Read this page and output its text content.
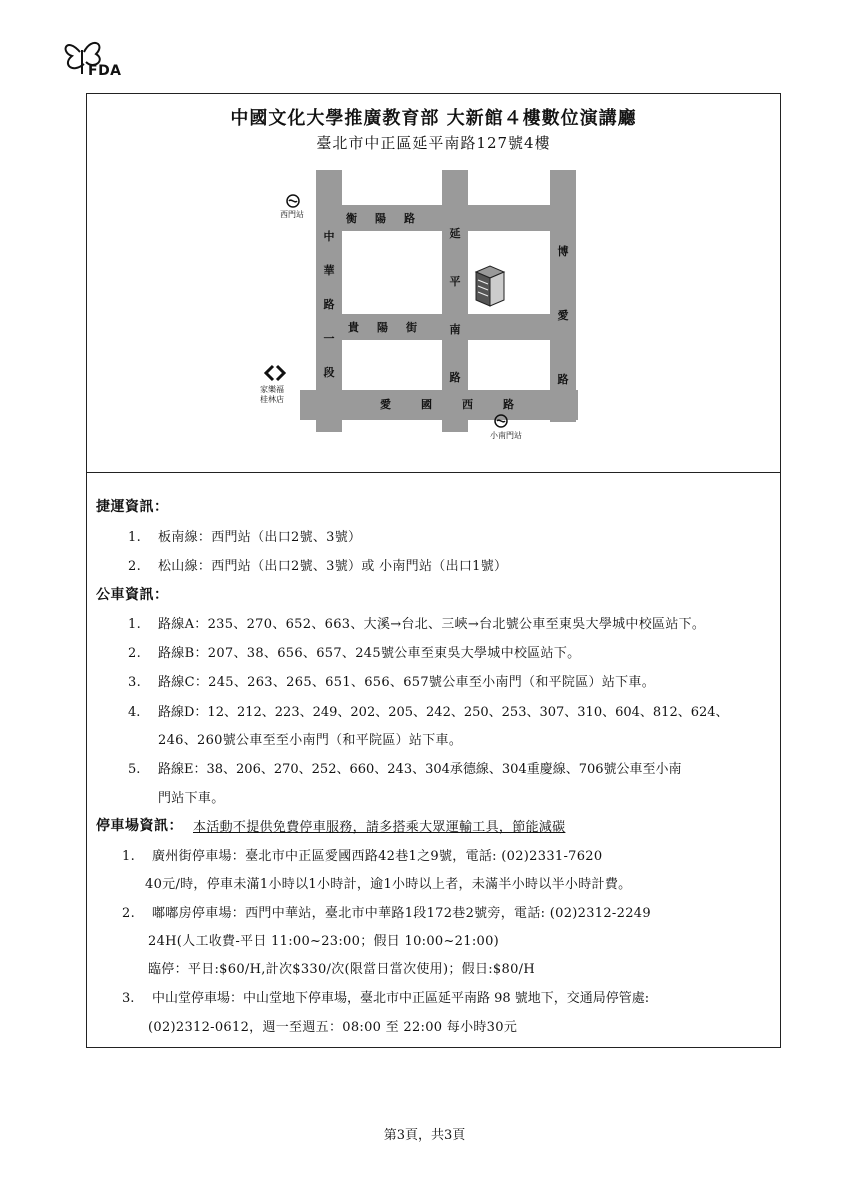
FDA
中國文化大學推廣教育部 大新館４樓數位演講廳
臺北市中正區延平南路127號4樓
衡陽路
貴陽街
愛國西路
中華路一段
延平南路
博愛路
西門站
小南門站
家樂福
桂林店
捷運資訊：
1. 板南線：西門站（出口2號、3號）
2. 松山線：西門站（出口2號、3號）或 小南門站（出口1號）
公車資訊：
1. 路線A：235、270、652、663、大溪→台北、三峽→台北號公車至東吳大學城中校區站下。
2. 路線B：207、38、656、657、245號公車至東吳大學城中校區站下。
3. 路線C：245、263、265、651、656、657號公車至小南門（和平院區）站下車。
4. 路線D：12、212、223、249、202、205、242、250、253、307、310、604、812、624、
246、260號公車至至小南門（和平院區）站下車。
5. 路線E：38、206、270、252、660、243、304承德線、304重慶線、706號公車至小南
門站下車。
停車場資訊： 本活動不提供免費停車服務，請多搭乘大眾運輸工具，節能減碳
1. 廣州街停車場：臺北市中正區愛國西路42巷1之9號，電話: (02)2331-7620
40元/時，停車未滿1小時以1小時計，逾1小時以上者，未滿半小時以半小時計費。
2. 嘟嘟房停車場：西門中華站，臺北市中華路1段172巷2號旁，電話: (02)2312-2249
24H(人工收費-平日 11:00~23:00；假日 10:00~21:00)
臨停：平日:$60/H,計次$330/次(限當日當次使用)；假日:$80/H
3. 中山堂停車場：中山堂地下停車場，臺北市中正區延平南路 98 號地下，交通局停管處:
(02)2312-0612，週一至週五：08:00 至 22:00 每小時30元
第3頁，共3頁
